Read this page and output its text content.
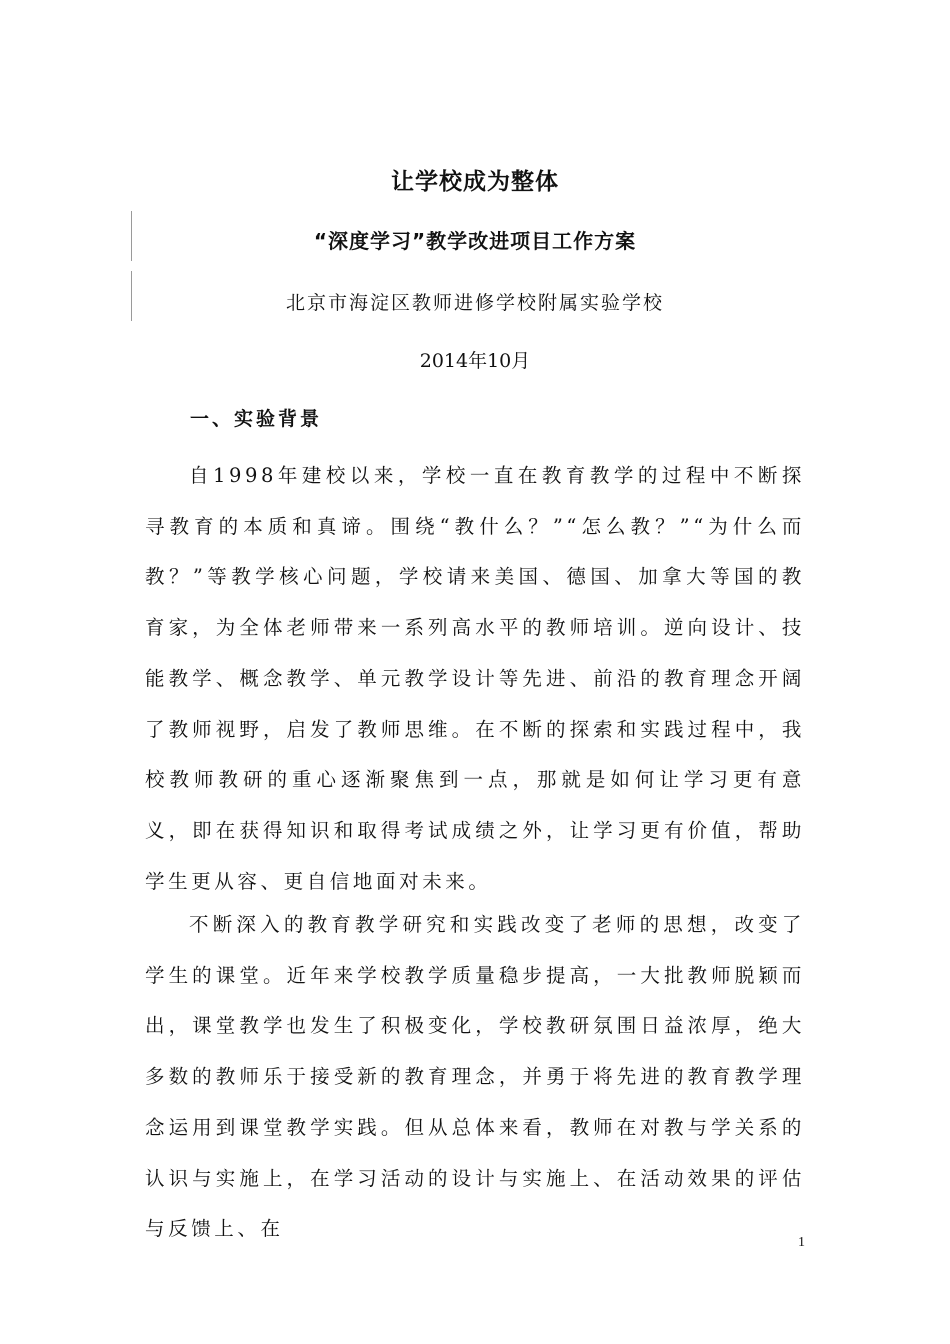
让学校成为整体
“深度学习”教学改进项目工作方案
北京市海淀区教师进修学校附属实验学校
2014年10月
一、实验背景

自1998年建校以来，学校一直在教育教学的过程中不断探寻教育的本质和真谛。围绕“教什么？”“怎么教？”“为什么而教？”等教学核心问题，学校请来美国、德国、加拿大等国的教育家，为全体老师带来一系列高水平的教师培训。逆向设计、技能教学、概念教学、单元教学设计等先进、前沿的教育理念开阔了教师视野，启发了教师思维。在不断的探索和实践过程中，我校教师教研的重心逐渐聚焦到一点，那就是如何让学习更有意义，即在获得知识和取得考试成绩之外，让学习更有价值，帮助学生更从容、更自信地面对未来。

不断深入的教育教学研究和实践改变了老师的思想，改变了学生的课堂。近年来学校教学质量稳步提高，一大批教师脱颖而出，课堂教学也发生了积极变化，学校教研氛围日益浓厚，绝大多数的教师乐于接受新的教育理念，并勇于将先进的教育教学理念运用到课堂教学实践。但从总体来看，教师在对教与学关系的认识与实施上，在学习活动的设计与实施上、在活动效果的评估与反馈上、在

1
